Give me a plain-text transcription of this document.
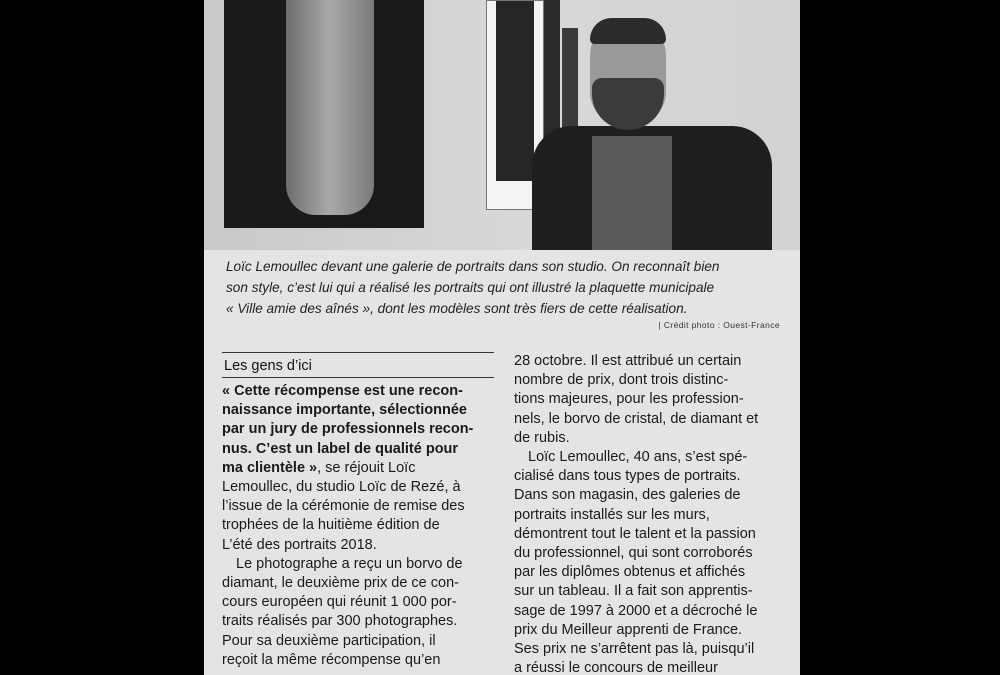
Loïc Lemoullec devant une galerie de portraits dans son studio. On reconnaît bien

son style, c’est lui qui a réalisé les portraits qui ont illustré la plaquette municipale

« Ville amie des aînés », dont les modèles sont très fiers de cette réalisation.

| Crédit photo : Ouest-France
Les gens d’ici
« Cette récompense est une recon-
naissance importante, sélectionnée
par un jury de professionnels recon-
nus. C’est un label de qualité pour
ma clientèle », se réjouit Loïc
Lemoullec, du studio Loïc de Rezé, à
l’issue de la cérémonie de remise des
trophées de la huitième édition de
L’été des portraits 2018.
Le photographe a reçu un borvo de
diamant, le deuxième prix de ce con-
cours européen qui réunit 1 000 por-
traits réalisés par 300 photographes.
Pour sa deuxième participation, il
reçoit la même récompense qu’en
28 octobre. Il est attribué un certain
nombre de prix, dont trois distinc-
tions majeures, pour les profession-
nels, le borvo de cristal, de diamant et
de rubis.
Loïc Lemoullec, 40 ans, s’est spé-
cialisé dans tous types de portraits.
Dans son magasin, des galeries de
portraits installés sur les murs,
démontrent tout le talent et la passion
du professionnel, qui sont corroborés
par les diplômes obtenus et affichés
sur un tableau. Il a fait son apprentis-
sage de 1997 à 2000 et a décroché le
prix du Meilleur apprenti de France.
Ses prix ne s’arrêtent pas là, puisqu’il
a réussi le concours de meilleur
